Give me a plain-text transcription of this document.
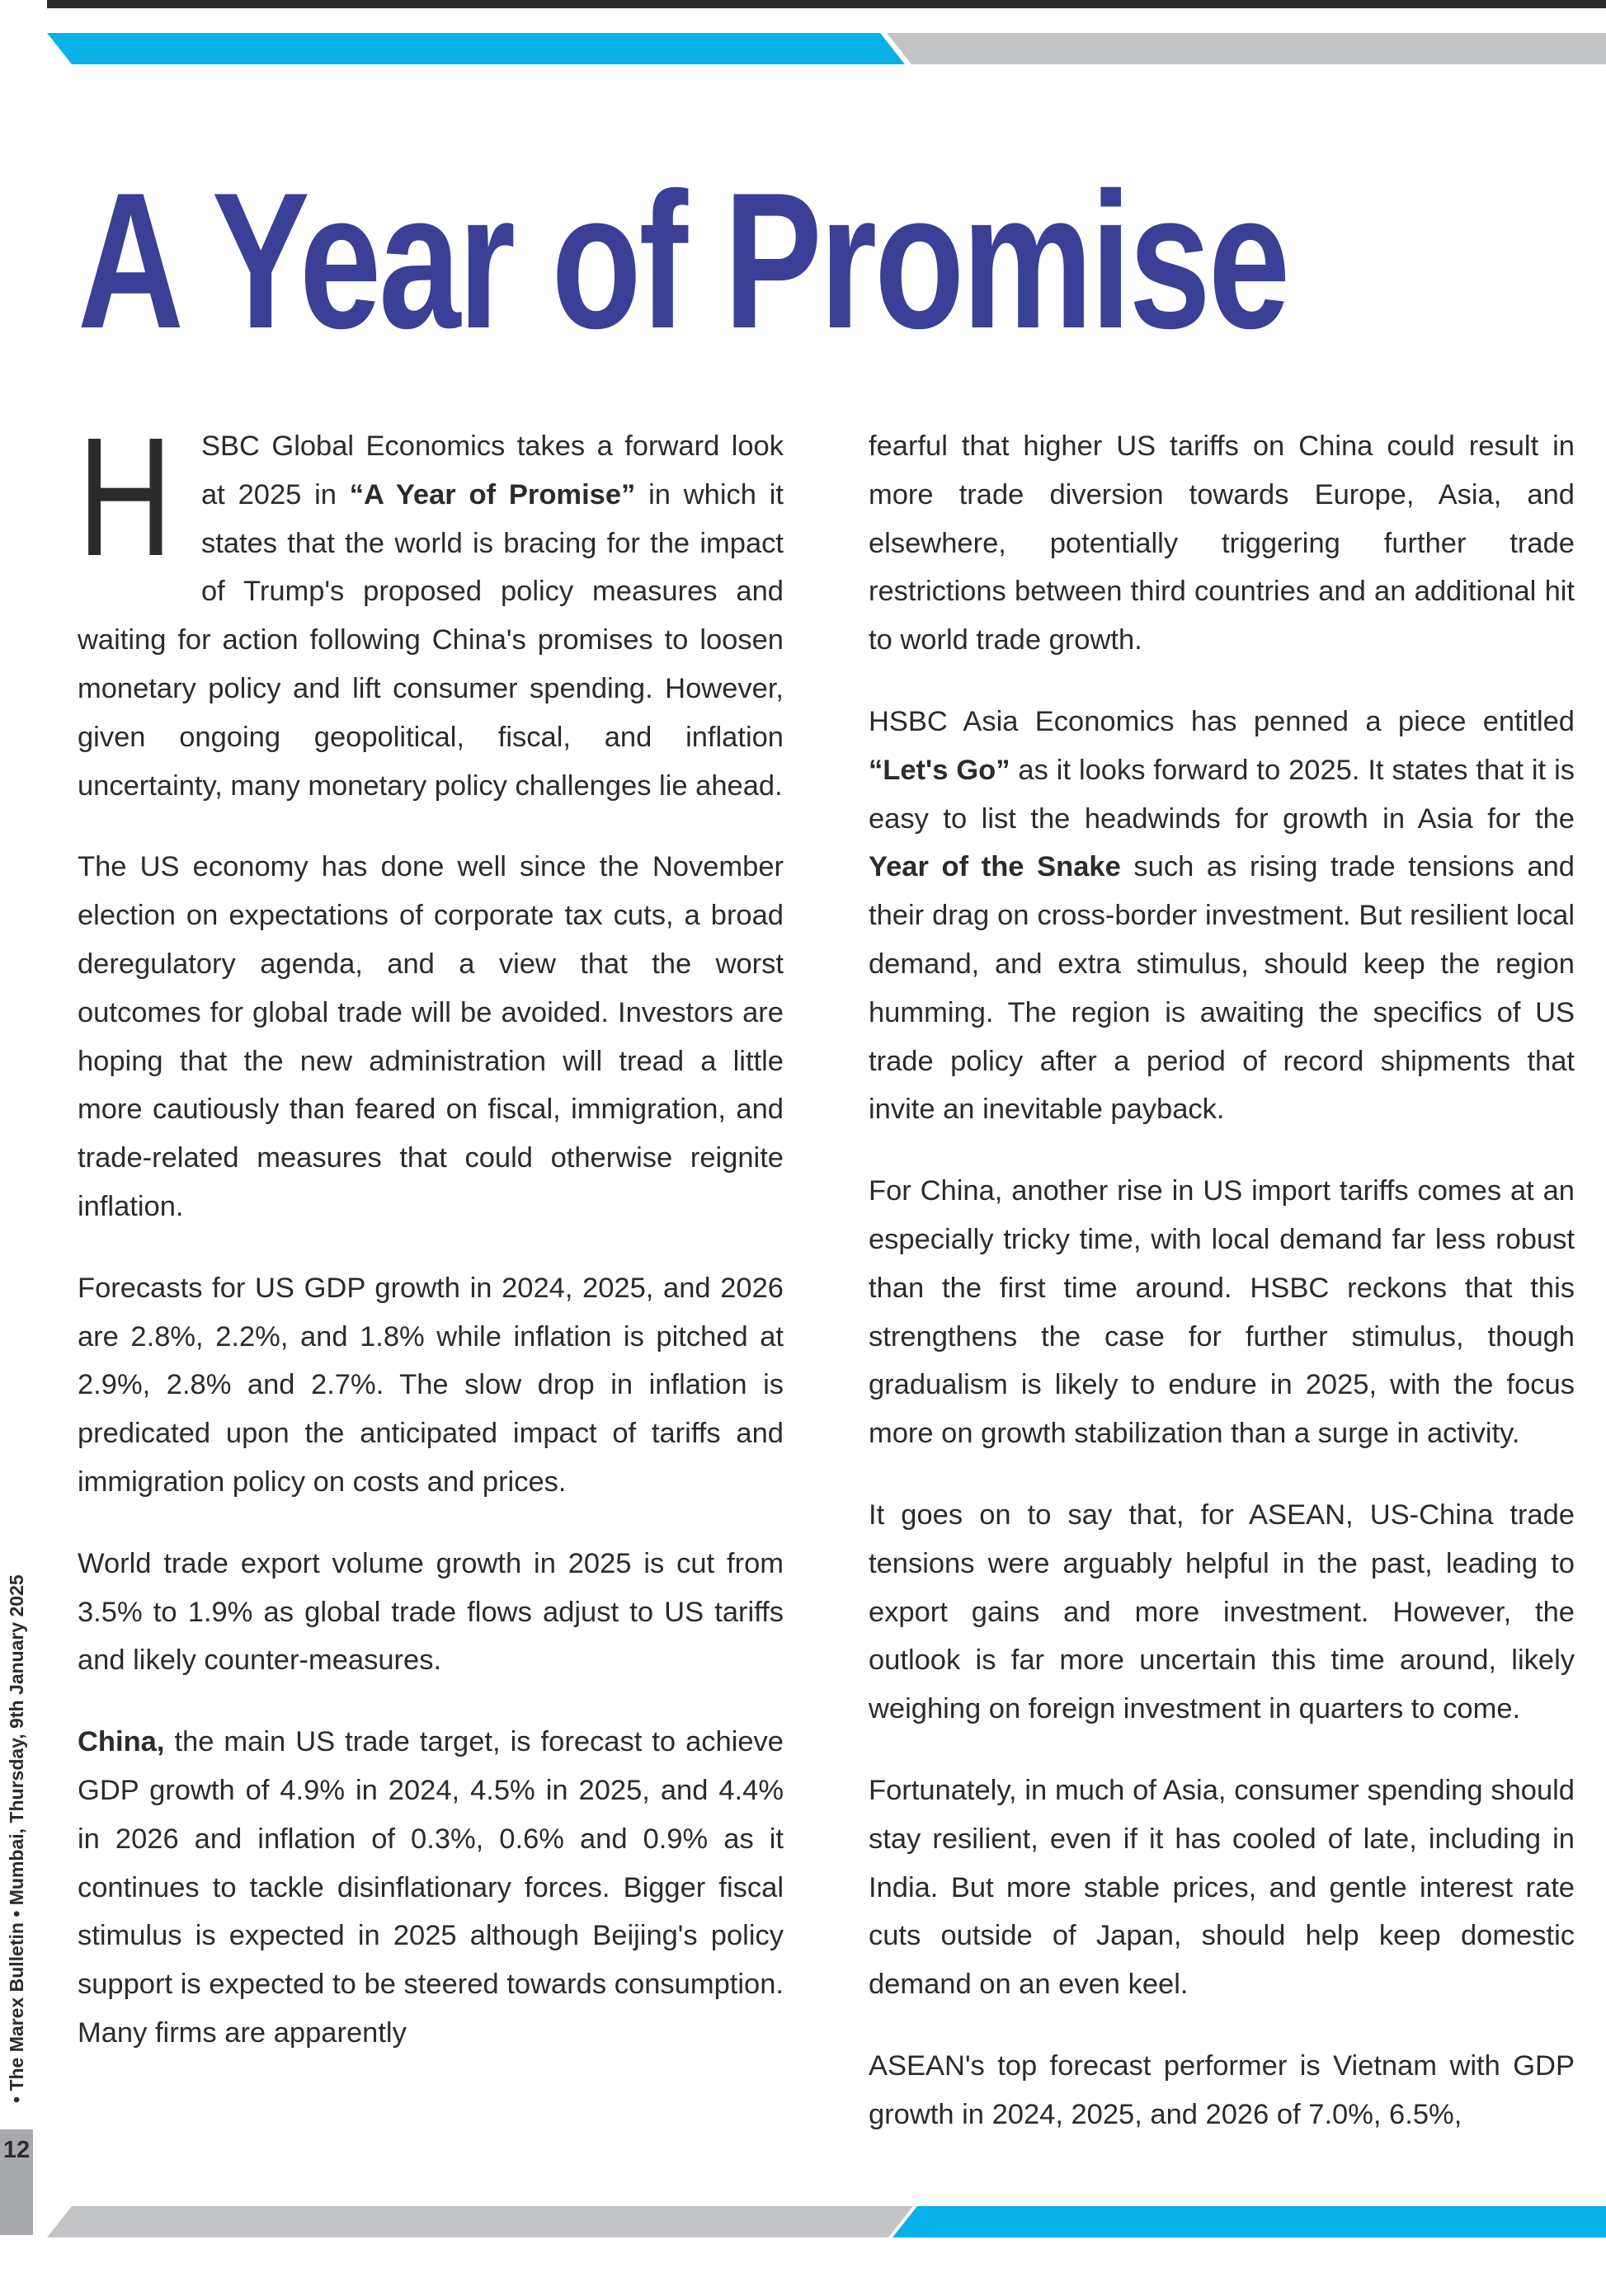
A Year of Promise

H SBC Global Economics takes a forward look at 2025 in “A Year of Promise” in which it states that the world is bracing for the impact of Trump's proposed policy measures and waiting for action following China's promises to loosen monetary policy and lift consumer spending. However, given ongoing geopolitical, fiscal, and inflation uncertainty, many monetary policy challenges lie ahead.

The US economy has done well since the November election on expectations of corporate tax cuts, a broad deregulatory agenda, and a view that the worst outcomes for global trade will be avoided. Investors are hoping that the new administration will tread a little more cautiously than feared on fiscal, immigration, and trade-related measures that could otherwise reignite inflation.

Forecasts for US GDP growth in 2024, 2025, and 2026 are 2.8%, 2.2%, and 1.8% while inflation is pitched at 2.9%, 2.8% and 2.7%. The slow drop in inflation is predicated upon the anticipated impact of tariffs and immigration policy on costs and prices.

World trade export volume growth in 2025 is cut from 3.5% to 1.9% as global trade flows adjust to US tariffs and likely counter-measures.

China, the main US trade target, is forecast to achieve GDP growth of 4.9% in 2024, 4.5% in 2025, and 4.4% in 2026 and inflation of 0.3%, 0.6% and 0.9% as it continues to tackle disinflationary forces. Bigger fiscal stimulus is expected in 2025 although Beijing's policy support is expected to be steered towards consumption. Many firms are apparently

fearful that higher US tariffs on China could result in more trade diversion towards Europe, Asia, and elsewhere, potentially triggering further trade restrictions between third countries and an additional hit to world trade growth.

HSBC Asia Economics has penned a piece entitled “Let's Go” as it looks forward to 2025. It states that it is easy to list the headwinds for growth in Asia for the Year of the Snake such as rising trade tensions and their drag on cross-border investment. But resilient local demand, and extra stimulus, should keep the region humming. The region is awaiting the specifics of US trade policy after a period of record shipments that invite an inevitable payback.

For China, another rise in US import tariffs comes at an especially tricky time, with local demand far less robust than the first time around. HSBC reckons that this strengthens the case for further stimulus, though gradualism is likely to endure in 2025, with the focus more on growth stabilization than a surge in activity.

It goes on to say that, for ASEAN, US-China trade tensions were arguably helpful in the past, leading to export gains and more investment. However, the outlook is far more uncertain this time around, likely weighing on foreign investment in quarters to come.

Fortunately, in much of Asia, consumer spending should stay resilient, even if it has cooled of late, including in India. But more stable prices, and gentle interest rate cuts outside of Japan, should help keep domestic demand on an even keel.

ASEAN's top forecast performer is Vietnam with GDP growth in 2024, 2025, and 2026 of 7.0%, 6.5%,

• The Marex Bulletin • Mumbai, Thursday, 9th January 2025
12
